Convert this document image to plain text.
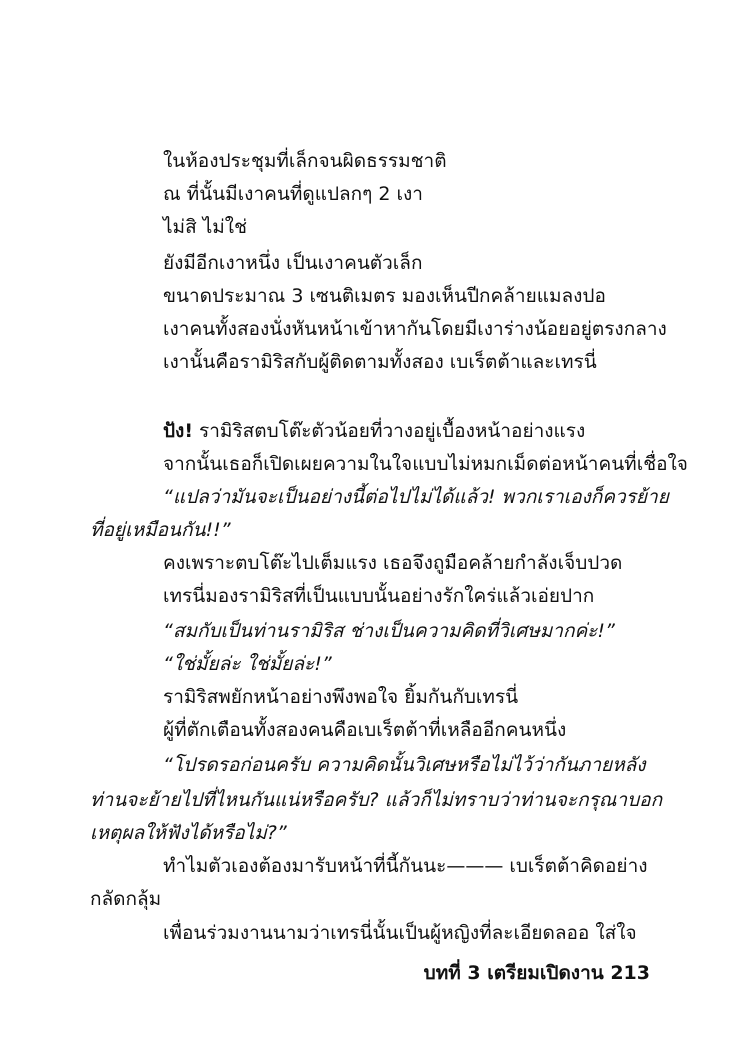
ในห้องประชุมที่เล็กจนผิดธรรมชาติ
ณ ที่นั้นมีเงาคนที่ดูแปลกๆ 2 เงา
ไม่สิ ไม่ใช่
ยังมีอีกเงาหนึ่ง เป็นเงาคนตัวเล็ก
ขนาดประมาณ 3 เซนติเมตร มองเห็นปีกคล้ายแมลงปอ
เงาคนทั้งสองนั่งหันหน้าเข้าหากันโดยมีเงาร่างน้อยอยู่ตรงกลาง
เงานั้นคือรามิริสกับผู้ติดตามทั้งสอง เบเร็ตต้าและเทรนี่
ปัง! รามิริสตบโต๊ะตัวน้อยที่วางอยู่เบื้องหน้าอย่างแรง
จากนั้นเธอก็เปิดเผยความในใจแบบไม่หมกเม็ดต่อหน้าคนที่เชื่อใจ
“แปลว่ามันจะเป็นอย่างนี้ต่อไปไม่ได้แล้ว! พวกเราเองก็ควรย้าย
ที่อยู่เหมือนกัน!!”
คงเพราะตบโต๊ะไปเต็มแรง เธอจึงถูมือคล้ายกำลังเจ็บปวด
เทรนี่มองรามิริสที่เป็นแบบนั้นอย่างรักใคร่แล้วเอ่ยปาก
“สมกับเป็นท่านรามิริส ช่างเป็นความคิดที่วิเศษมากค่ะ!”
“ใช่มั้ยล่ะ ใช่มั้ยล่ะ!”
รามิริสพยักหน้าอย่างพึงพอใจ ยิ้มกันกับเทรนี่
ผู้ที่ตักเตือนทั้งสองคนคือเบเร็ตต้าที่เหลืออีกคนหนึ่ง
“โปรดรอก่อนครับ ความคิดนั้นวิเศษหรือไม่ไว้ว่ากันภายหลัง
ท่านจะย้ายไปที่ไหนกันแน่หรือครับ? แล้วก็ไม่ทราบว่าท่านจะกรุณาบอก
เหตุผลให้ฟังได้หรือไม่?”
ทำไมตัวเองต้องมารับหน้าที่นี้กันนะ——— เบเร็ตต้าคิดอย่าง
กลัดกลุ้ม
เพื่อนร่วมงานนามว่าเทรนี่นั้นเป็นผู้หญิงที่ละเอียดลออ ใส่ใจ
บทที่ 3 เตรียมเปิดงาน 213
